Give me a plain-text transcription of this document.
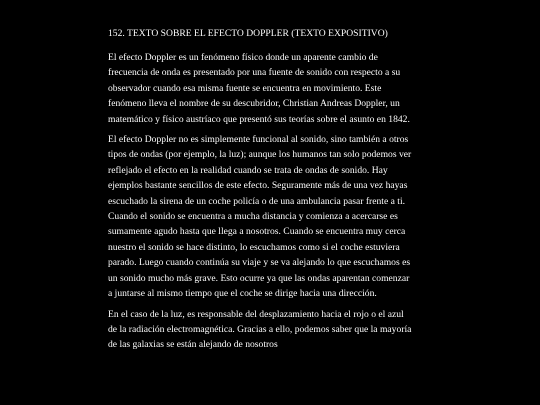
152. TEXTO SOBRE EL EFECTO DOPPLER (TEXTO EXPOSITIVO)

El efecto Doppler es un fenómeno físico donde un aparente cambio de
frecuencia de onda es presentado por una fuente de sonido con respecto a su
observador cuando esa misma fuente se encuentra en movimiento. Este
fenómeno lleva el nombre de su descubridor, Christian Andreas Doppler, un
matemático y físico austríaco que presentó sus teorías sobre el asunto en 1842.

El efecto Doppler no es simplemente funcional al sonido, sino también a otros
tipos de ondas (por ejemplo, la luz); aunque los humanos tan solo podemos ver
reflejado el efecto en la realidad cuando se trata de ondas de sonido. Hay
ejemplos bastante sencillos de este efecto. Seguramente más de una vez hayas
escuchado la sirena de un coche policía o de una ambulancia pasar frente a ti.
Cuando el sonido se encuentra a mucha distancia y comienza a acercarse es
sumamente agudo hasta que llega a nosotros. Cuando se encuentra muy cerca
nuestro el sonido se hace distinto, lo escuchamos como si el coche estuviera
parado. Luego cuando continúa su viaje y se va alejando lo que escuchamos es
un sonido mucho más grave. Esto ocurre ya que las ondas aparentan comenzar
a juntarse al mismo tiempo que el coche se dirige hacia una dirección.

En el caso de la luz, es responsable del desplazamiento hacia el rojo o el azul
de la radiación electromagnética. Gracias a ello, podemos saber que la mayoría
de las galaxias se están alejando de nosotros
